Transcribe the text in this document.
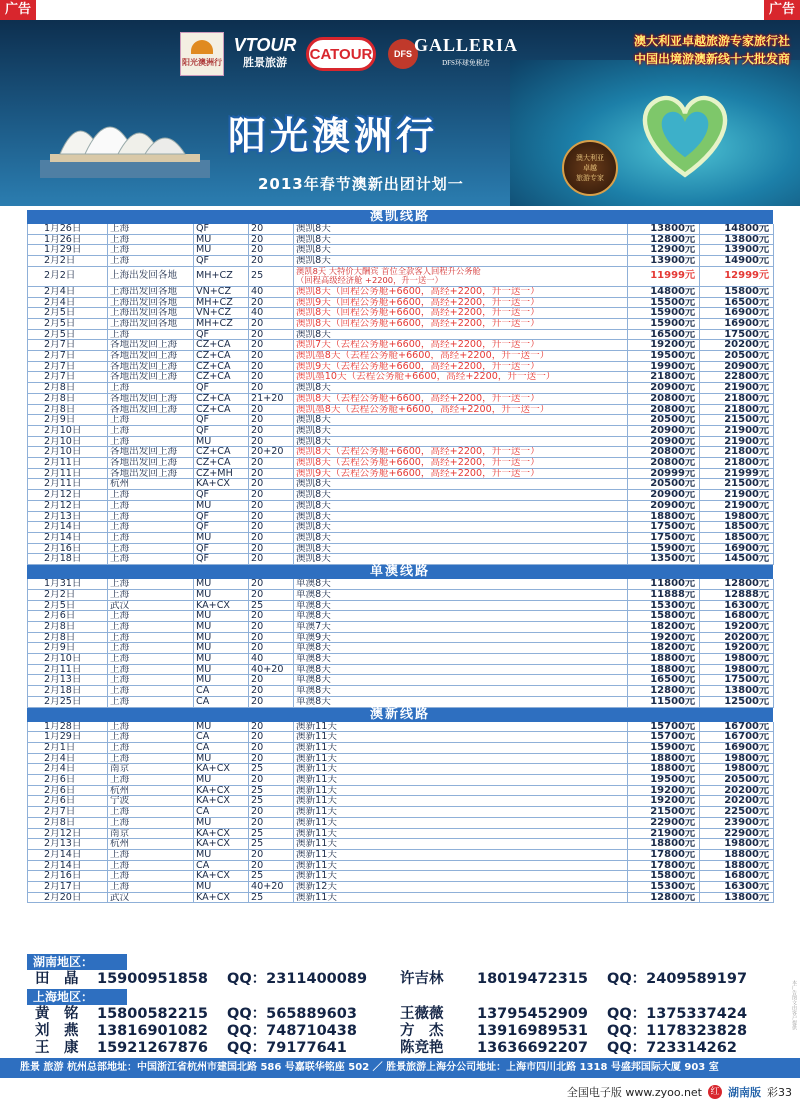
广告	广告
阳光澳洲行
VTOUR
胜景旅游
CATOUR	DFS GALLERIA
DFS环球免税店
澳大利亚卓越旅游专家旅行社
中国出境游澳新线十大批发商
阳光澳洲行
2013年春节澳新出团计划一
澳大利亚
卓越
旅游专家
澳凯线路
1月26日	上海	QF	20	澳凯8天	13800元	14800元
1月26日	上海	MU	20	澳凯8天	12800元	13800元
1月29日	上海	MU	20	澳凯8天	12900元	13900元
2月2日	上海	QF	20	澳凯8天	13900元	14900元
2月2日	上海出发回各地	MH+CZ	25	澳凯8天 大特价大酬宾 首位全款客人回程升公务舱
（回程高级经济舱 +2200，升一送一）	11999元	12999元
2月4日	上海出发回各地	VN+CZ	40	澳凯8天（回程公务舱+6600，高经+2200，升一送一）	14800元	15800元
2月4日	上海出发回各地	MH+CZ	20	澳凯9天（回程公务舱+6600，高经+2200，升一送一）	15500元	16500元
2月5日	上海出发回各地	VN+CZ	40	澳凯8天（回程公务舱+6600，高经+2200，升一送一）	15900元	16900元
2月5日	上海出发回各地	MH+CZ	20	澳凯8天（回程公务舱+6600，高经+2200，升一送一）	15900元	16900元
2月5日	上海	QF	20	澳凯8天	16500元	17500元
2月7日	各地出发回上海	CZ+CA	20	澳凯7天（去程公务舱+6600，高经+2200，升一送一）	19200元	20200元
2月7日	各地出发回上海	CZ+CA	20	澳凯墨8天（去程公务舱+6600，高经+2200，升一送一）	19500元	20500元
2月7日	各地出发回上海	CZ+CA	20	澳凯9天（去程公务舱+6600，高经+2200，升一送一）	19900元	20900元
2月7日	各地出发回上海	CZ+CA	20	澳凯墨10天（去程公务舱+6600，高经+2200，升一送一）	21800元	22800元
2月8日	上海	QF	20	澳凯8天	20900元	21900元
2月8日	各地出发回上海	CZ+CA	21+20	澳凯8天（去程公务舱+6600，高经+2200，升一送一）	20800元	21800元
2月8日	各地出发回上海	CZ+CA	20	澳凯墨8天（去程公务舱+6600，高经+2200，升一送一）	20800元	21800元
2月9日	上海	QF	20	澳凯8天	20500元	21500元
2月10日	上海	QF	20	澳凯8天	20900元	21900元
2月10日	上海	MU	20	澳凯8天	20900元	21900元
2月10日	各地出发回上海	CZ+CA	20+20	澳凯8天（去程公务舱+6600，高经+2200，升一送一）	20800元	21800元
2月11日	各地出发回上海	CZ+CA	20	澳凯8天（去程公务舱+6600，高经+2200，升一送一）	20800元	21800元
2月11日	各地出发回上海	CZ+MH	20	澳凯9天（去程公务舱+6600，高经+2200，升一送一）	20999元	21999元
2月11日	杭州	KA+CX	20	澳凯8天	20500元	21500元
2月12日	上海	QF	20	澳凯8天	20900元	21900元
2月12日	上海	MU	20	澳凯8天	20900元	21900元
2月13日	上海	QF	20	澳凯8天	18800元	19800元
2月14日	上海	QF	20	澳凯8天	17500元	18500元
2月14日	上海	MU	20	澳凯8天	17500元	18500元
2月16日	上海	QF	20	澳凯8天	15900元	16900元
2月18日	上海	QF	20	澳凯8天	13500元	14500元
单澳线路
1月31日	上海	MU	20	单澳8天	11800元	12800元
2月2日	上海	MU	20	单澳8天	11888元	12888元
2月5日	武汉	KA+CX	25	单澳8天	15300元	16300元
2月6日	上海	MU	20	单澳8天	15800元	16800元
2月8日	上海	MU	20	单澳7天	18200元	19200元
2月8日	上海	MU	20	单澳9天	19200元	20200元
2月9日	上海	MU	20	单澳8天	18200元	19200元
2月10日	上海	MU	40	单澳8天	18800元	19800元
2月11日	上海	MU	40+20	单澳8天	18800元	19800元
2月13日	上海	MU	20	单澳8天	16500元	17500元
2月18日	上海	CA	20	单澳8天	12800元	13800元
2月25日	上海	CA	20	单澳8天	11500元	12500元
澳新线路
1月28日	上海	MU	20	澳新11天	15700元	16700元
1月29日	上海	CA	20	澳新11天	15700元	16700元
2月1日	上海	CA	20	澳新11天	15900元	16900元
2月4日	上海	MU	20	澳新11天	18800元	19800元
2月4日	南京	KA+CX	25	澳新11天	18800元	19800元
2月6日	上海	MU	20	澳新11天	19500元	20500元
2月6日	杭州	KA+CX	25	澳新11天	19200元	20200元
2月6日	宁波	KA+CX	25	澳新11天	19200元	20200元
2月7日	上海	CA	20	澳新11天	21500元	22500元
2月8日	上海	MU	20	澳新11天	22900元	23900元
2月12日	南京	KA+CX	25	澳新11天	21900元	22900元
2月13日	杭州	KA+CX	25	澳新11天	18800元	19800元
2月14日	上海	MU	20	澳新11天	17800元	18800元
2月14日	上海	CA	20	澳新11天	17800元	18800元
2月16日	上海	KA+CX	25	澳新11天	15800元	16800元
2月17日	上海	MU	40+20	澳新12天	15300元	16300元
2月20日	武汉	KA+CX	25	澳新11天	12800元	13800元
湖南地区：
田　晶 15900951858 QQ：2311400089 许吉林 18019472315 QQ：2409589197
上海地区：
黄　铭 15800582215 QQ：565889603	王薇薇 13795452909 QQ：1375337424
刘　燕 13816901082 QQ：748710438	方　杰 13916989531 QQ：1178323828
王　康 15921267876 QQ：79177641	陈竞艳 13636692207 QQ：723314262
胜景 旅游 杭州总部地址：中国浙江省杭州市建国北路 586 号嘉联华铭座 502 ／ 胜景旅游上海分公司地址：上海市四川北路 1318 号盛邦国际大厦 903 室
全国电子版 www.zyoo.net 红 湖南版 彩33
本广告图文由客户提供
